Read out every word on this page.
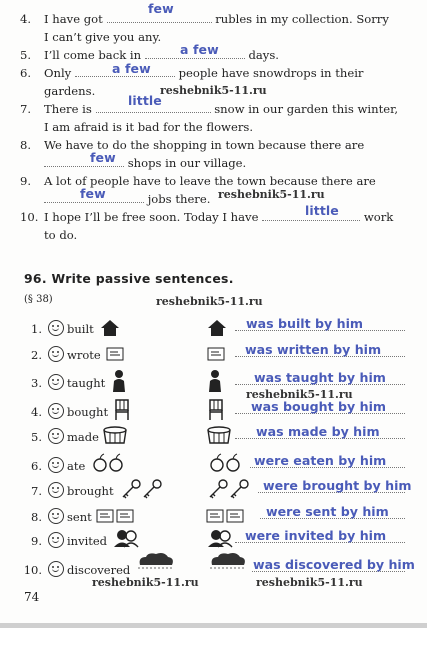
4.	I have got	rubles in my collection. Sorry
I can’t give you any.
few
5.	I’ll come back in	days.
a few
6.	Only	people have snowdrops in their
gardens.
a few
reshebnik5-11.ru
7.	There is	snow in our garden this winter,
I am afraid is it bad for the flowers.
little
8.	We have to do the shopping in town because there are
shops in our village.
few
9.	A lot of people have to leave the town because there are
jobs there.
few	reshebnik5-11.ru
10. I hope I’ll be free soon. Today I have	work
to do.
little
96. Write passive sentences.
(§ 38)	reshebnik5-11.ru
1. built	was built by him
2. wrote	was written by him
3. taught	was taught by him
reshebnik5-11.ru
4. bought	was bought by him
5. made	was made by him
6. ate	were eaten by him
7. brought	were brought by him
8. sent	were sent by him
9. invited	were invited by him
10. discovered	was discovered by him
reshebnik5-11.ru	reshebnik5-11.ru
74
